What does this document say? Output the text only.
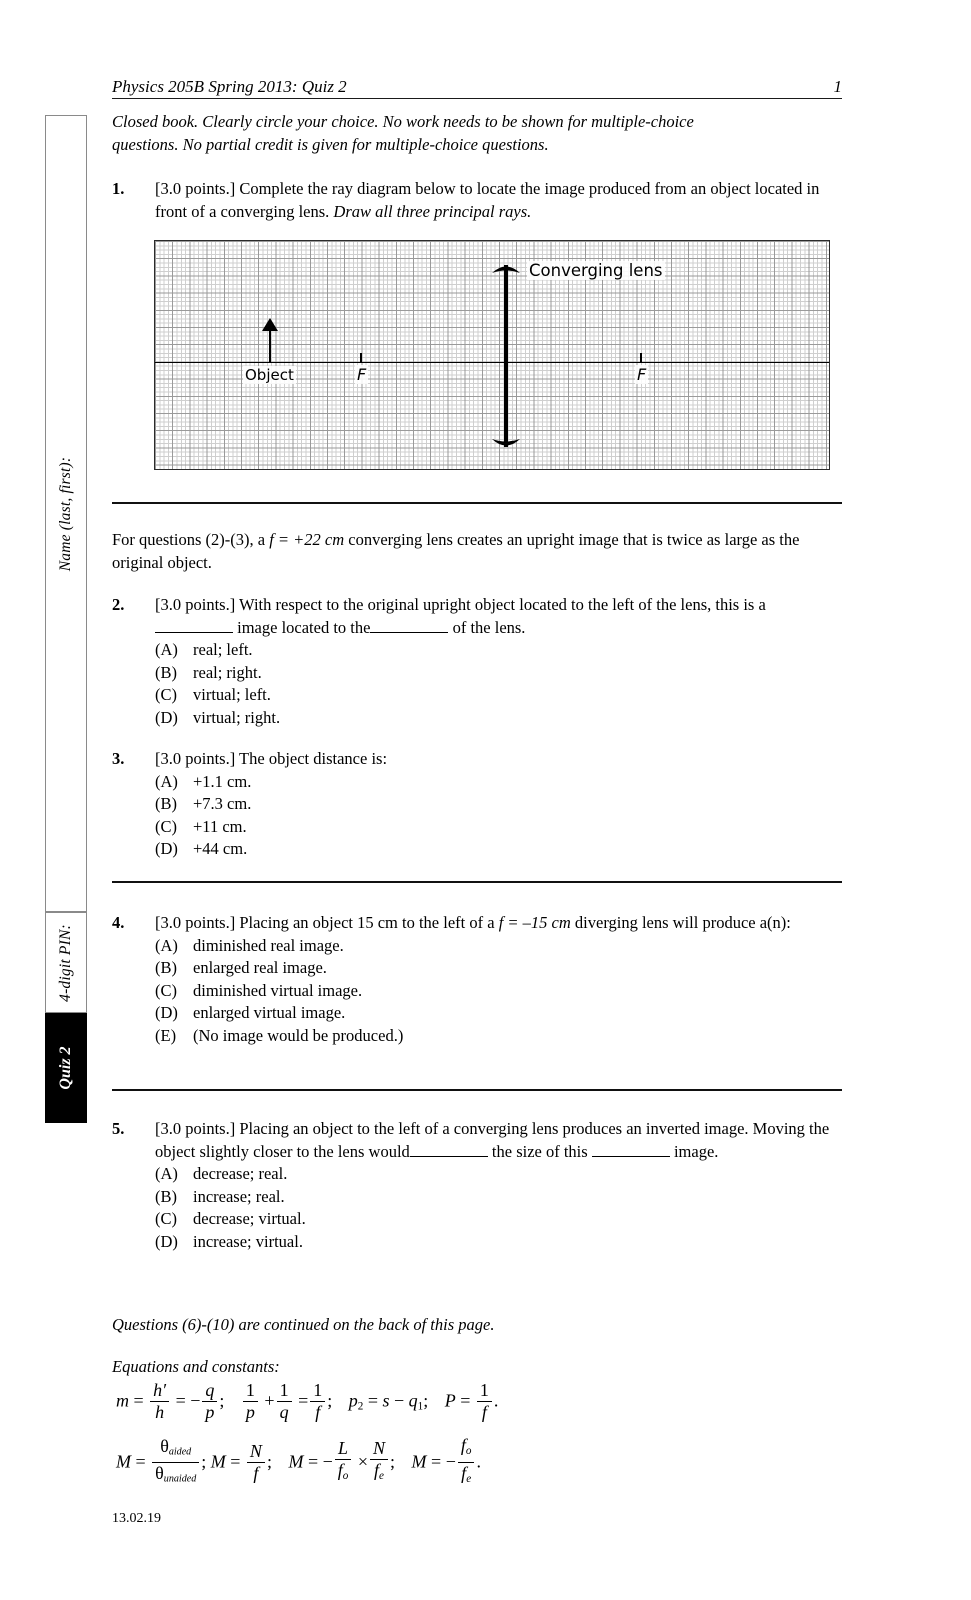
Name (last, first):
4-digit PIN:
Quiz 2
Physics 205B Spring 2013: Quiz 2	1
Closed book. Clearly circle your choice. No work needs to be shown for multiple-choice
questions. No partial credit is given for multiple-choice questions.
1. [3.0 points.] Complete the ray diagram below to locate the image produced from an object located in front of a converging lens. Draw all three principal rays.
Object	F	F
Converging lens
For questions (2)-(3), a f = +22 cm converging lens creates an upright image that is twice as large as the original object.
2. [3.0 points.] With respect to the original upright object located to the left of the lens, this is a image located to the	of the lens.
(A) real; left.
(B) real; right.
(C) virtual; left.
(D) virtual; right.
3. [3.0 points.] The object distance is:
(A) +1.1 cm.
(B) +7.3 cm.
(C) +11 cm.
(D) +44 cm.
4. [3.0 points.] Placing an object 15 cm to the left of a f = –15 cm diverging lens will produce a(n):
(A) diminished real image.
(B) enlarged real image.
(C) diminished virtual image.
(D) enlarged virtual image.
(E) (No image would be produced.)
5. [3.0 points.] Placing an object to the left of a converging lens produces an inverted image. Moving the object slightly closer to the lens would	the size of this	image.
(A) decrease; real.
(B) increase; real.
(C) decrease; virtual.
(D) increase; virtual.
Questions (6)-(10) are continued on the back of this page.
Equations and constants:
$m = \frac{h'}{h}$ = − $\frac{q}{p}$ ; $\frac{1}{p} + \frac{1}{q} = \frac{1}{f}$ ; $p_2 = s - q_1$; $P = \frac{1}{f}$ .
$M = \frac{\text{θaided}}{\text{θunaided}}$ ; $M = \frac{N}{f}$ ; M = − $\frac{L}{f_o} \times \frac{N}{f_e}$ ; M = − $\frac{f_o}{f_e}$ .
13.02.19
